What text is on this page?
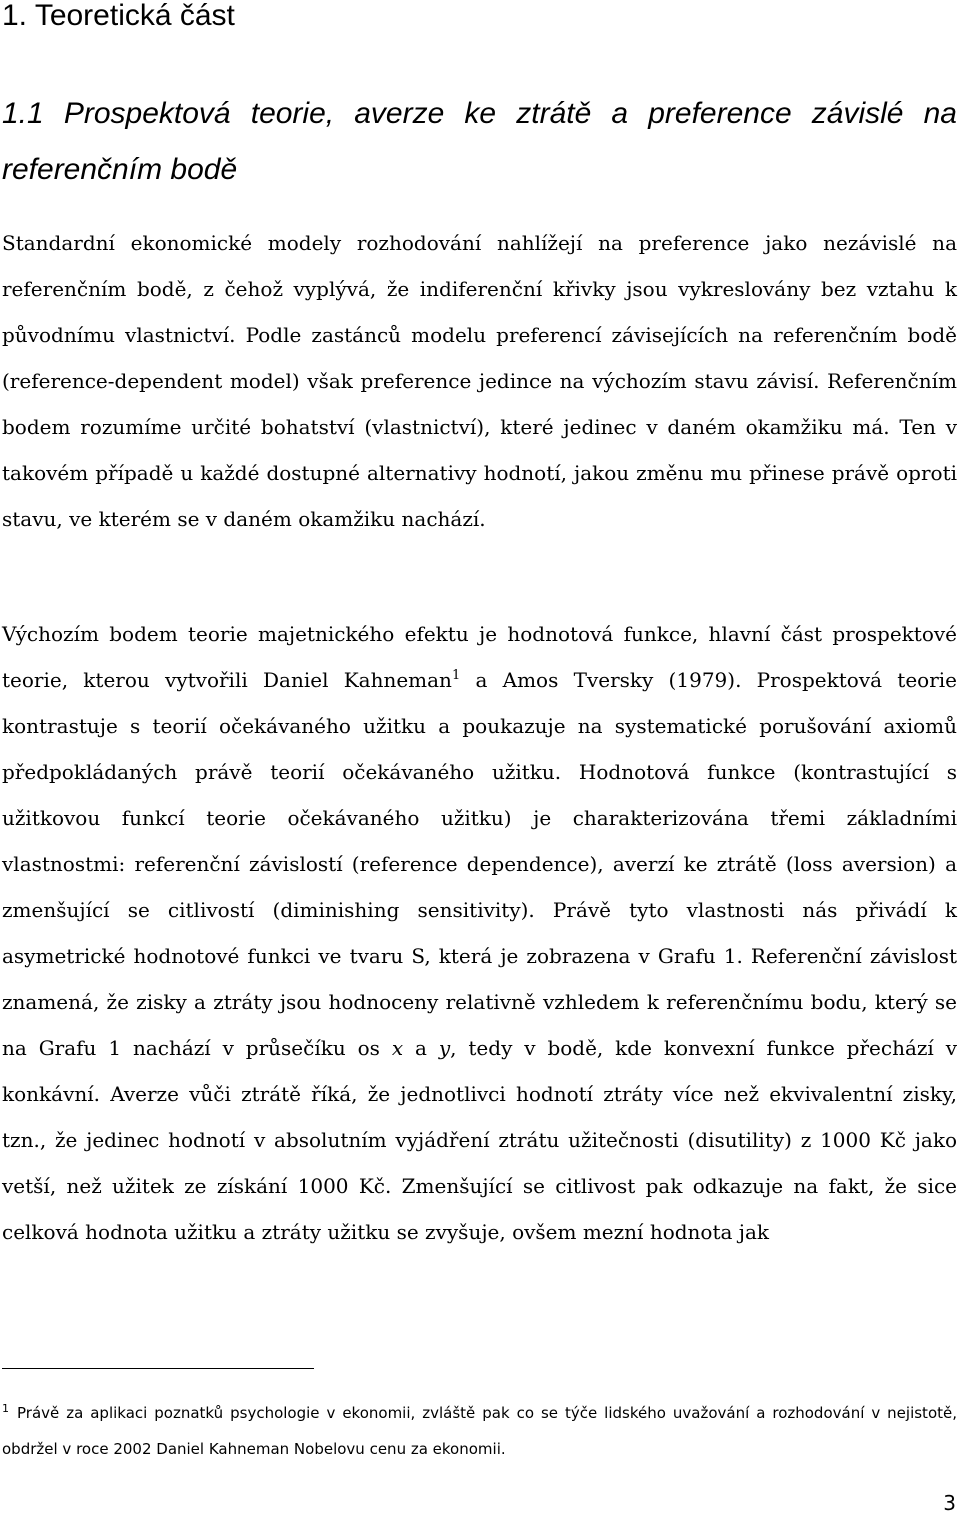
1. Teoretická část
1.1 Prospektová teorie, averze ke ztrátě a preference závislé na referenčním bodě

Standardní ekonomické modely rozhodování nahlížejí na preference jako nezávislé na referenčním bodě, z čehož vyplývá, že indiferenční křivky jsou vykreslovány bez vztahu k původnímu vlastnictví. Podle zastánců modelu preferencí závisejících na referenčním bodě (reference-dependent model) však preference jedince na výchozím stavu závisí. Referenčním bodem rozumíme určité bohatství (vlastnictví), které jedinec v daném okamžiku má. Ten v takovém případě u každé dostupné alternativy hodnotí, jakou změnu mu přinese právě oproti stavu, ve kterém se v daném okamžiku nachází.

Výchozím bodem teorie majetnického efektu je hodnotová funkce, hlavní část prospektové teorie, kterou vytvořili Daniel Kahneman$^1$ a Amos Tversky (1979). Prospektová teorie kontrastuje s teorií očekávaného užitku a poukazuje na systematické porušování axiomů předpokládaných právě teorií očekávaného užitku. Hodnotová funkce (kontrastující s užitkovou funkcí teorie očekávaného užitku) je charakterizována třemi základními vlastnostmi: referenční závislostí (reference dependence), averzí ke ztrátě (loss aversion) a zmenšující se citlivostí (diminishing sensitivity). Právě tyto vlastnosti nás přivádí k asymetrické hodnotové funkci ve tvaru S, která je zobrazena v Grafu 1. Referenční závislost znamená, že zisky a ztráty jsou hodnoceny relativně vzhledem k referenčnímu bodu, který se na Grafu 1 nachází v průsečíku os x a y, tedy v bodě, kde konvexní funkce přechází v konkávní. Averze vůči ztrátě říká, že jednotlivci hodnotí ztráty více než ekvivalentní zisky, tzn., že jedinec hodnotí v absolutním vyjádření ztrátu užitečnosti (disutility) z 1000 Kč jako vetší, než užitek ze získání 1000 Kč. Zmenšující se citlivost pak odkazuje na fakt, že sice celková hodnota užitku a ztráty užitku se zvyšuje, ovšem mezní hodnota jak

$^1$ Právě za aplikaci poznatků psychologie v ekonomii, zvláště pak co se týče lidského uvažování a rozhodování v nejistotě, obdržel v roce 2002 Daniel Kahneman Nobelovu cenu za ekonomii.

3
